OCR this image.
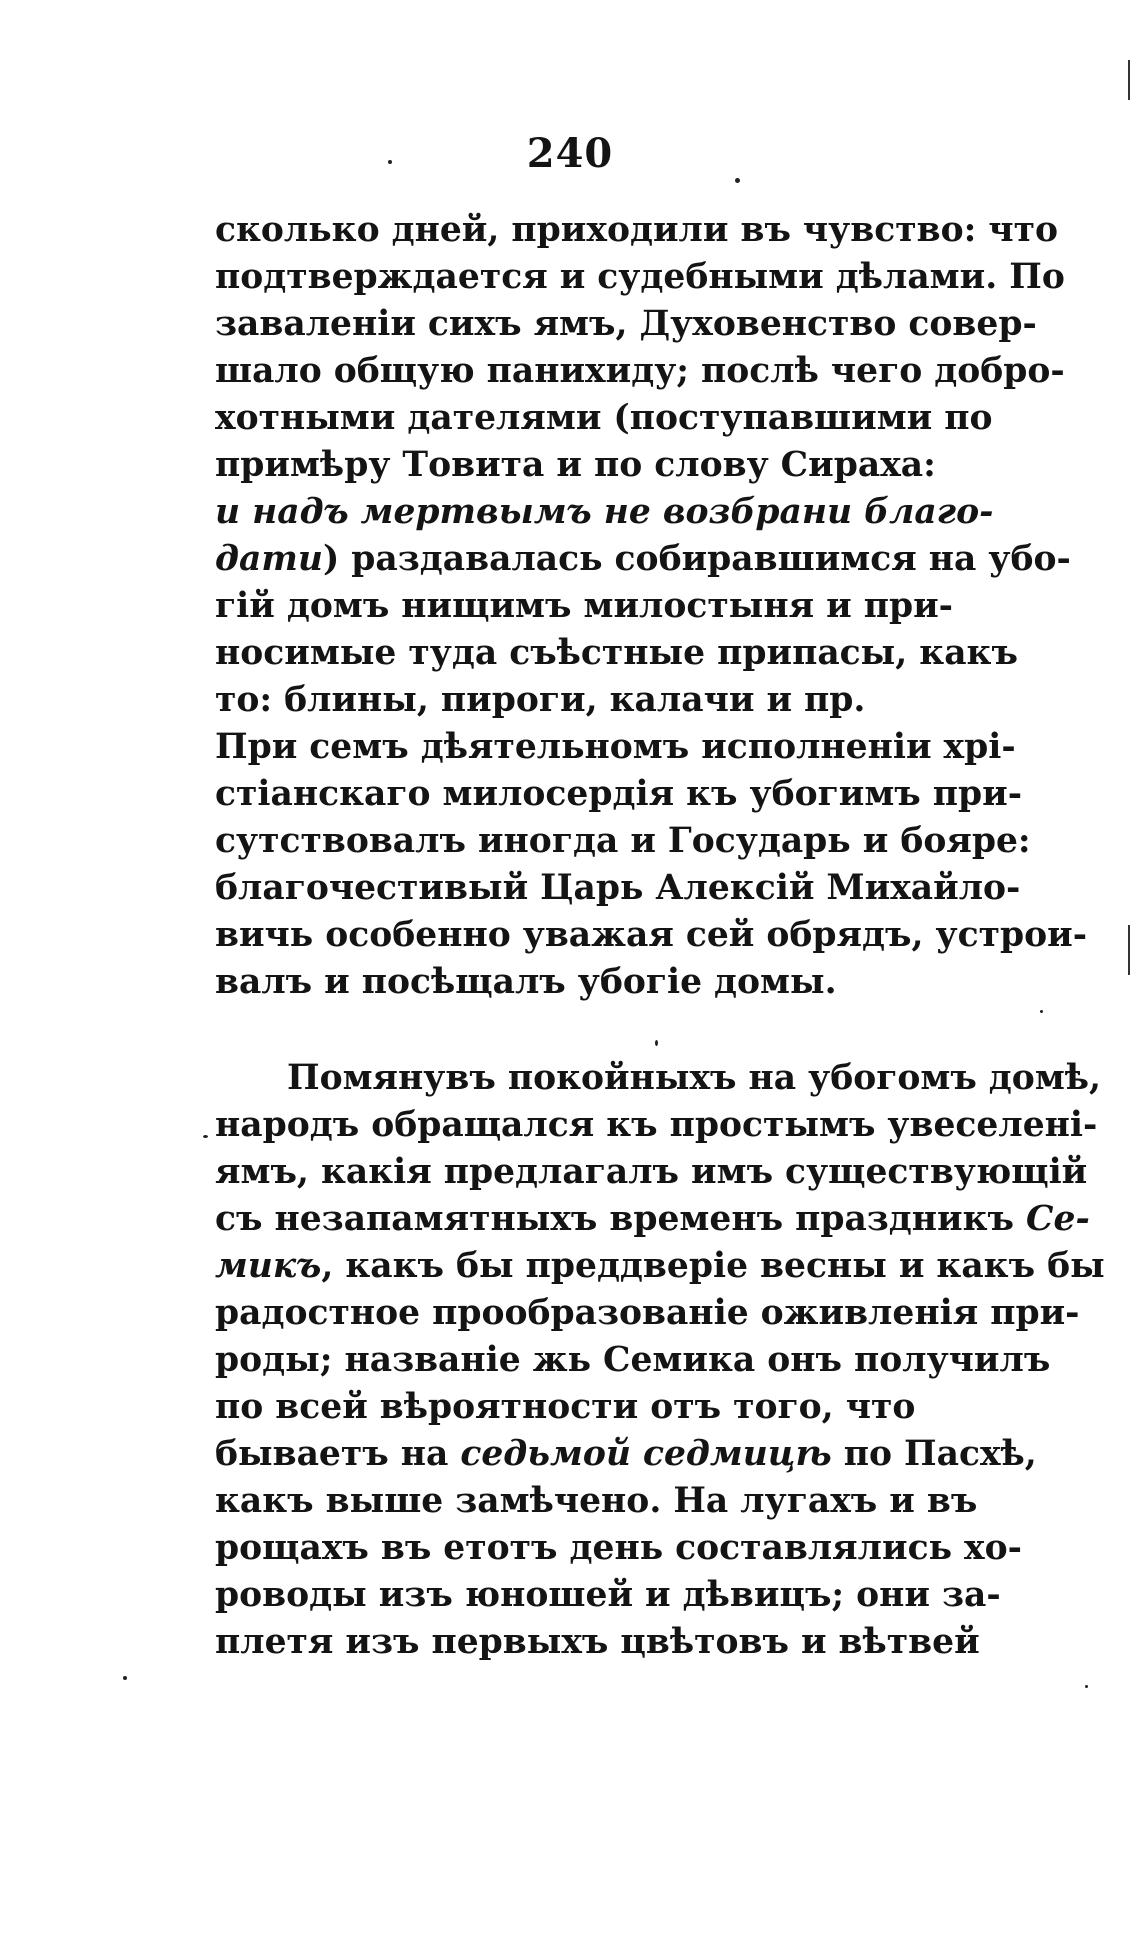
240
сколько дней, приходили въ чувство: что
подтверждается и судебными дѣлами. По
заваленіи сихъ ямъ, Духовенство совер-
шало общую панихиду; послѣ чего добро-
хотными дателями (поступавшими по
примѣру Товита и по слову Сираха:
и надъ мертвымъ не возбрани благо-
дати) раздавалась собиравшимся на убо-
гій домъ нищимъ милостыня и при-
носимые туда съѣстные припасы, какъ
то: блины, пироги, калачи и пр.
При семъ дѣятельномъ исполненіи хрі-
стіанскаго милосердія къ убогимъ при-
сутствовалъ иногда и Государь и бояре:
благочестивый Царь Алексій Михайло-
вичь особенно уважая сей обрядъ, устрои-
валъ и посѣщалъ убогіе домы.
Помянувъ покойныхъ на убогомъ домѣ,
народъ обращался къ простымъ увеселені-
ямъ, какія предлагалъ имъ существующій
съ незапамятныхъ временъ праздникъ Се-
микъ, какъ бы преддверіе весны и какъ бы
радостное прообразованіе оживленія при-
роды; названіе жь Семика онъ получилъ
по всей вѣроятности отъ того, что
бываетъ на седьмой седмицѣ по Пасхѣ,
какъ выше замѣчено. На лугахъ и въ
рощахъ въ етотъ день составлялись хо-
роводы изъ юношей и дѣвицъ; они за-
плетя изъ первыхъ цвѣтовъ и вѣтвей
